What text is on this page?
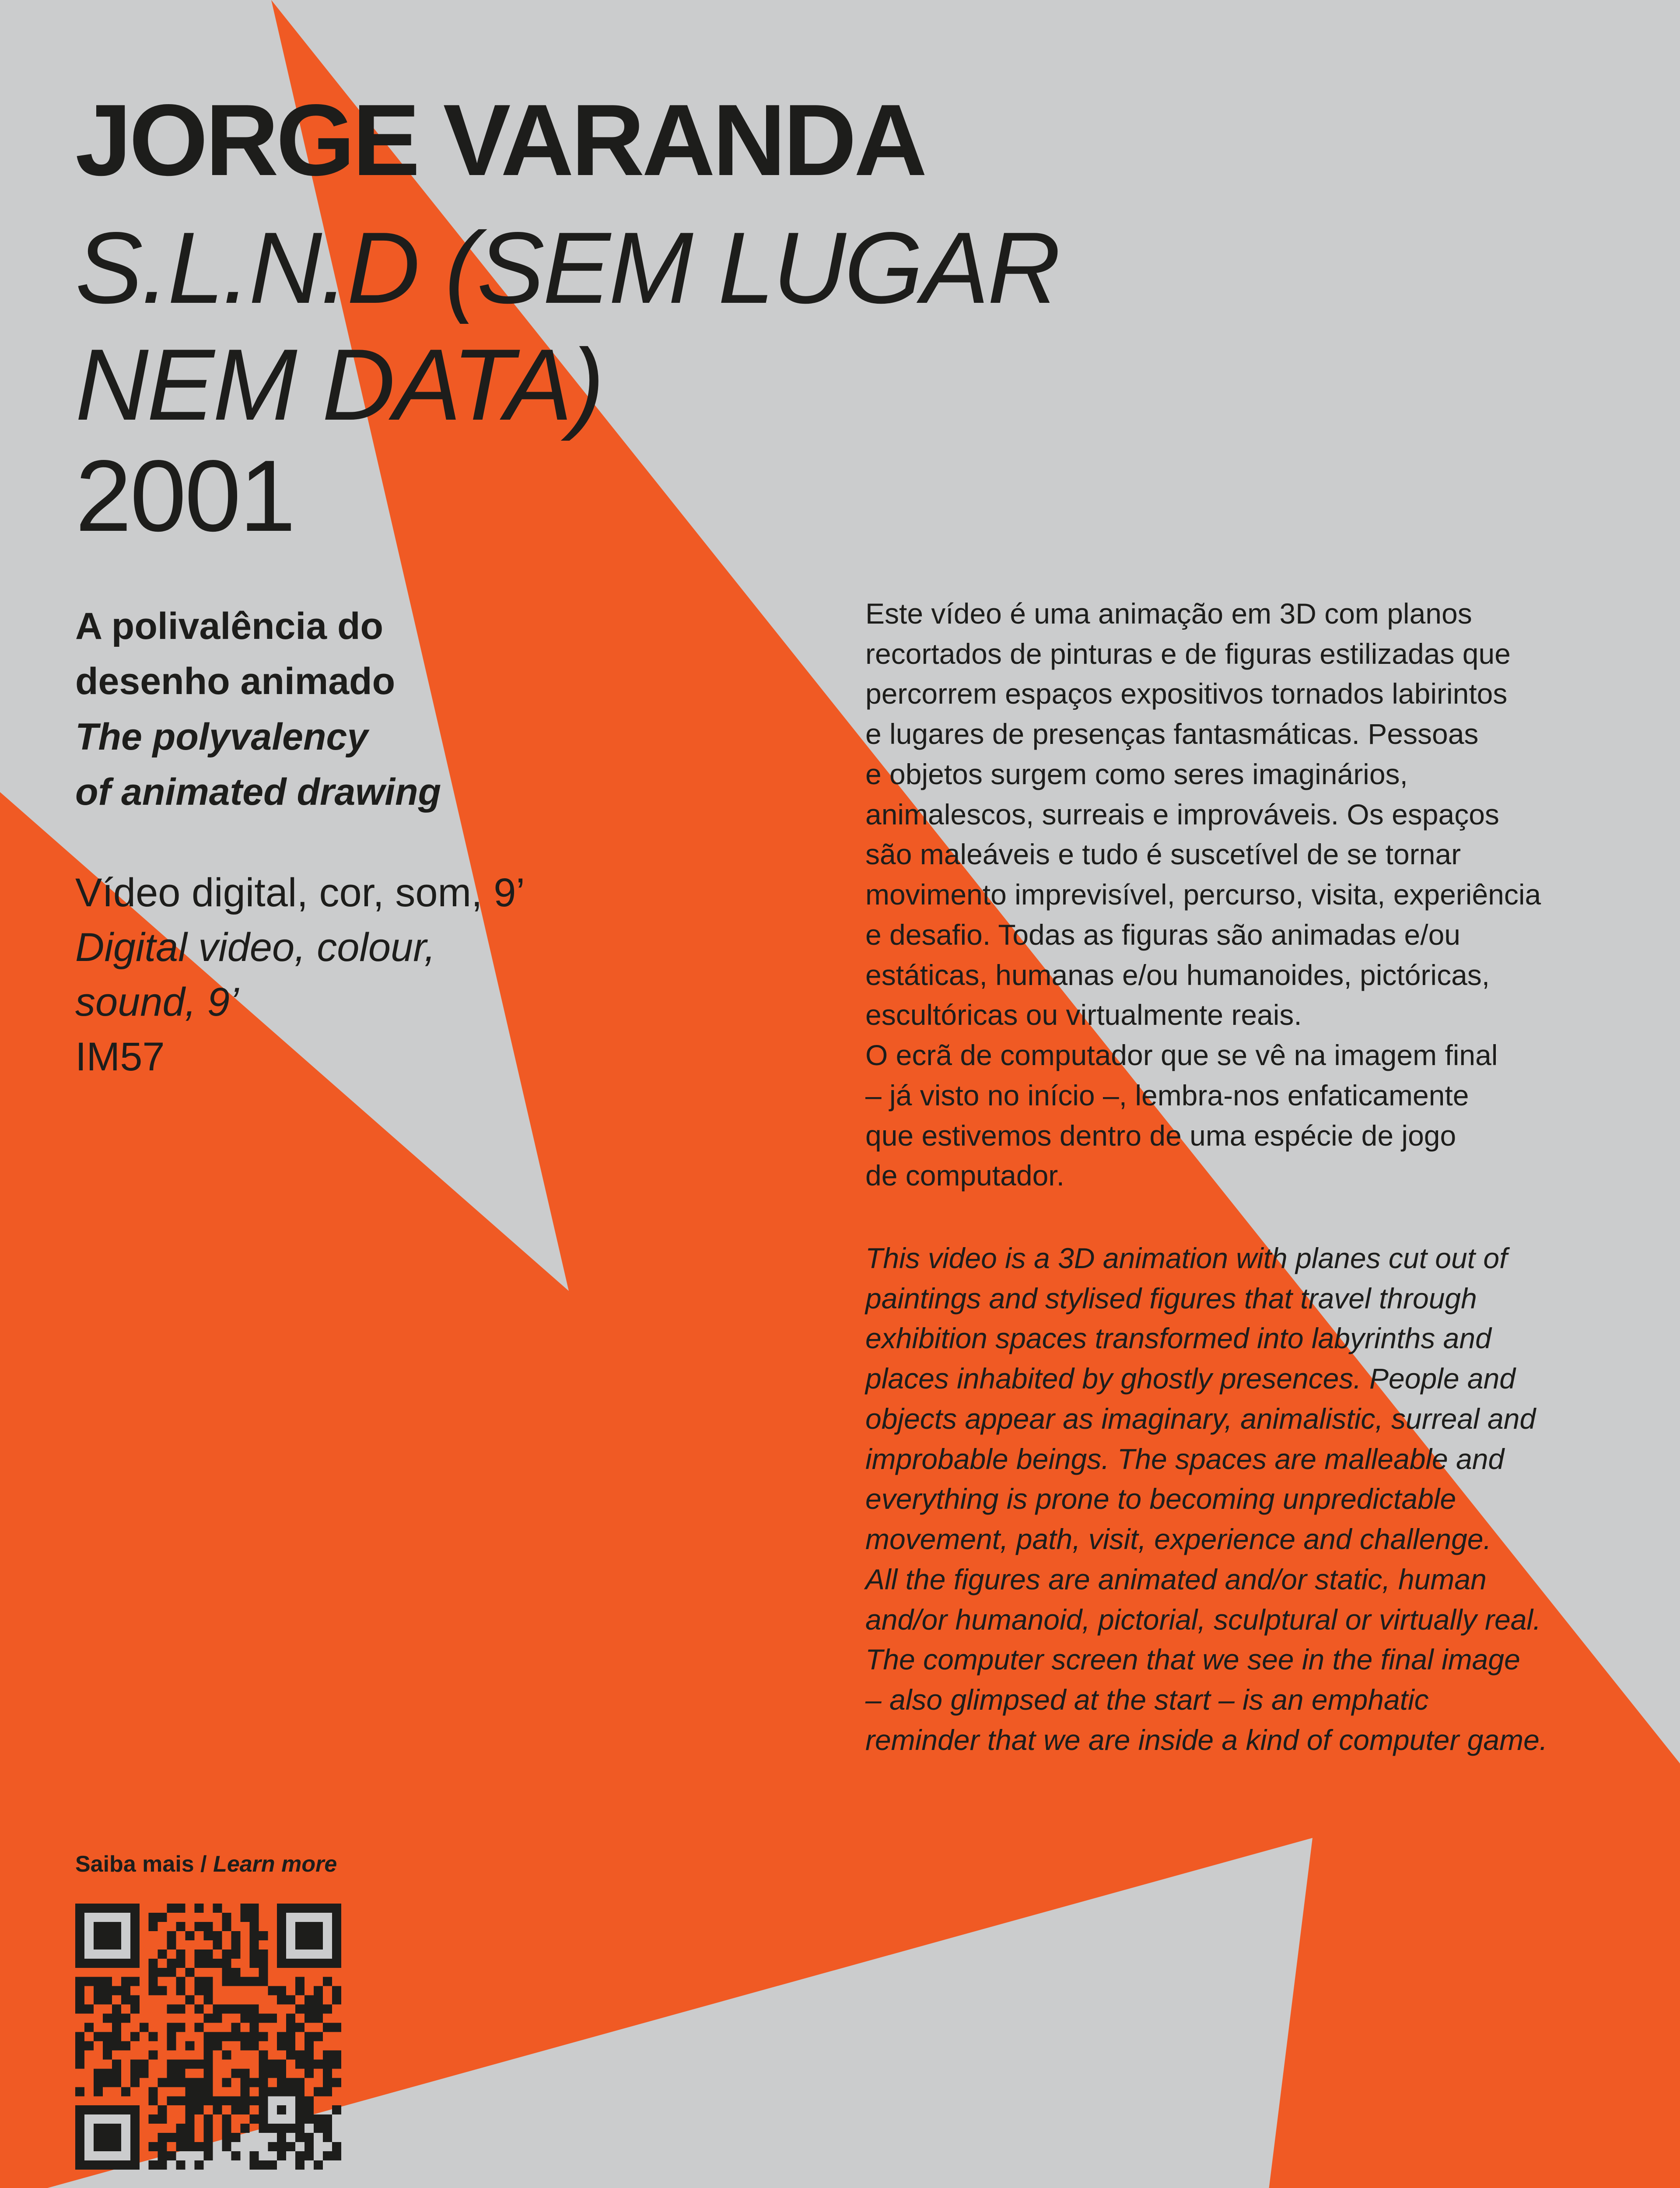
JORGE VARANDA
S.L.N.D (SEM LUGAR
NEM DATA)
2001
A polivalência do
desenho animado
The polyvalency
of animated drawing
Vídeo digital, cor, som, 9’
Digital video, colour,
sound, 9’
IM57
Este vídeo é uma animação em 3D com planos
recortados de pinturas e de figuras estilizadas que
percorrem espaços expositivos tornados labirintos
e lugares de presenças fantasmáticas. Pessoas
e objetos surgem como seres imaginários,
animalescos, surreais e improváveis. Os espaços
são maleáveis e tudo é suscetível de se tornar
movimento imprevisível, percurso, visita, experiência
e desafio. Todas as figuras são animadas e/ou
estáticas, humanas e/ou humanoides, pictóricas,
escultóricas ou virtualmente reais.
O ecrã de computador que se vê na imagem final
– já visto no início –, lembra-nos enfaticamente
que estivemos dentro de uma espécie de jogo
de computador.
This video is a 3D animation with planes cut out of
paintings and stylised figures that travel through
exhibition spaces transformed into labyrinths and
places inhabited by ghostly presences. People and
objects appear as imaginary, animalistic, surreal and
improbable beings. The spaces are malleable and
everything is prone to becoming unpredictable
movement, path, visit, experience and challenge.
All the figures are animated and/or static, human
and/or humanoid, pictorial, sculptural or virtually real.
The computer screen that we see in the final image
– also glimpsed at the start – is an emphatic
reminder that we are inside a kind of computer game.
Saiba mais / Learn more
